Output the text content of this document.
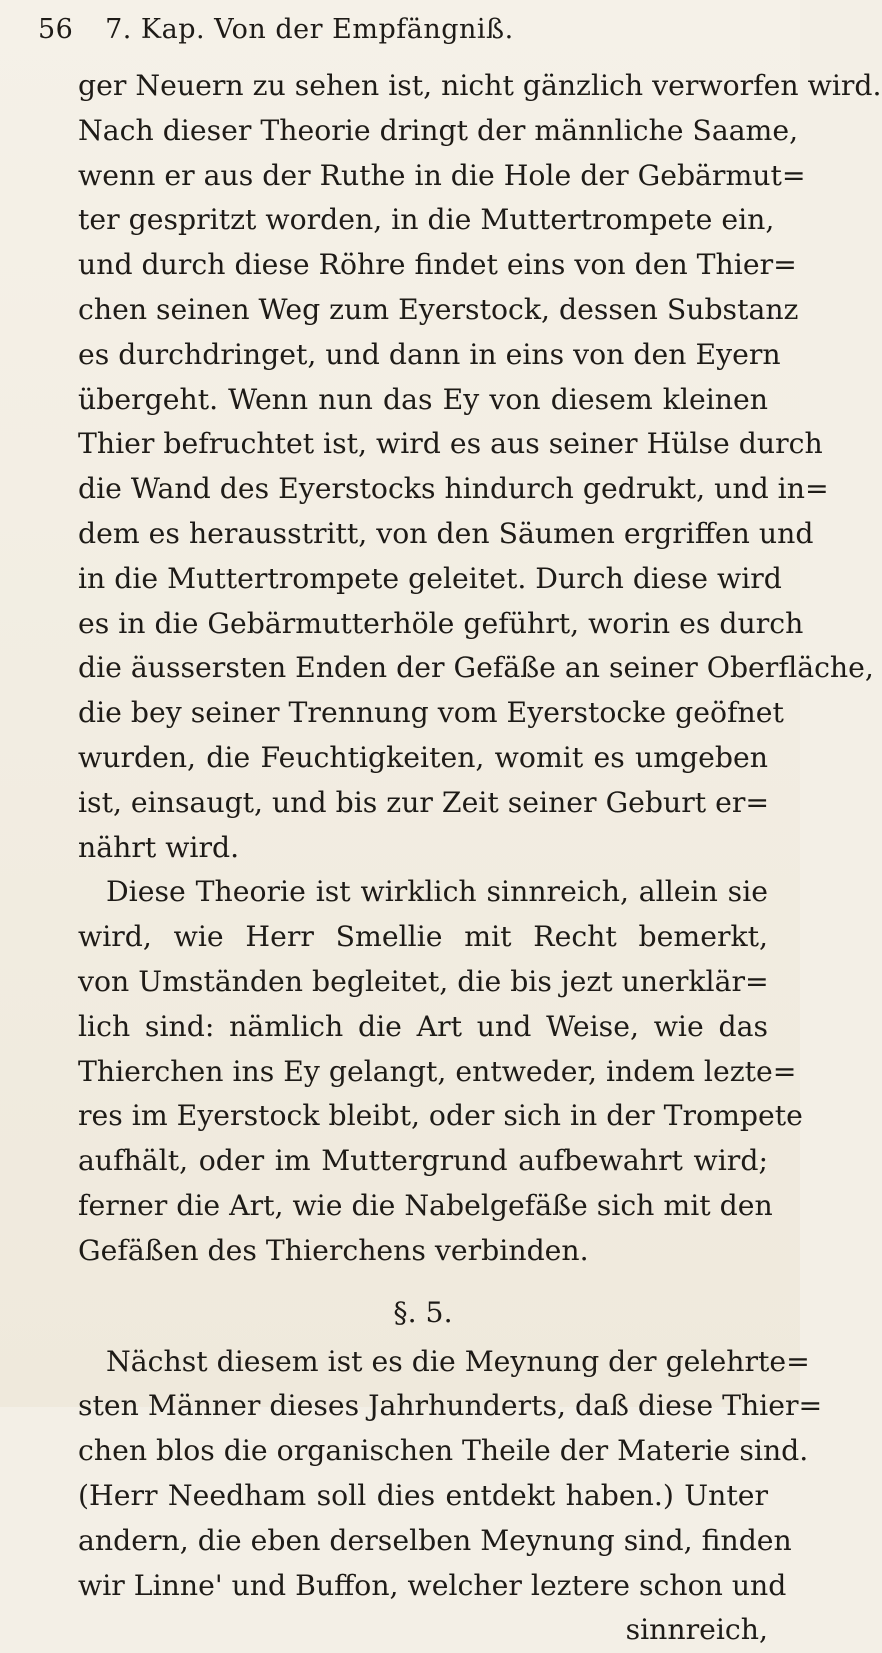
56 7. Kap. Von der Empfängniß.
ger Neuern zu sehen ist, nicht gänzlich verworfen wird.
Nach dieser Theorie dringt der männliche Saame,
wenn er aus der Ruthe in die Hole der Gebärmut=
ter gespritzt worden, in die Muttertrompete ein,
und durch diese Röhre findet eins von den Thier=
chen seinen Weg zum Eyerstock, dessen Substanz
es durchdringet, und dann in eins von den Eyern
übergeht. Wenn nun das Ey von diesem kleinen
Thier befruchtet ist, wird es aus seiner Hülse durch
die Wand des Eyerstocks hindurch gedrukt, und in=
dem es herausstritt, von den Säumen ergriffen und
in die Muttertrompete geleitet. Durch diese wird
es in die Gebärmutterhöle geführt, worin es durch
die äussersten Enden der Gefäße an seiner Oberfläche,
die bey seiner Trennung vom Eyerstocke geöfnet
wurden, die Feuchtigkeiten, womit es umgeben
ist, einsaugt, und bis zur Zeit seiner Geburt er=
nährt wird.
Diese Theorie ist wirklich sinnreich, allein sie
wird, wie Herr Smellie mit Recht bemerkt,
von Umständen begleitet, die bis jezt unerklär=
lich sind: nämlich die Art und Weise, wie das
Thierchen ins Ey gelangt, entweder, indem lezte=
res im Eyerstock bleibt, oder sich in der Trompete
aufhält, oder im Muttergrund aufbewahrt wird;
ferner die Art, wie die Nabelgefäße sich mit den
Gefäßen des Thierchens verbinden.
§. 5.
Nächst diesem ist es die Meynung der gelehrte=
sten Männer dieses Jahrhunderts, daß diese Thier=
chen blos die organischen Theile der Materie sind.
(Herr Needham soll dies entdekt haben.) Unter
andern, die eben derselben Meynung sind, finden
wir Linne' und Buffon, welcher leztere schon und
sinnreich,
